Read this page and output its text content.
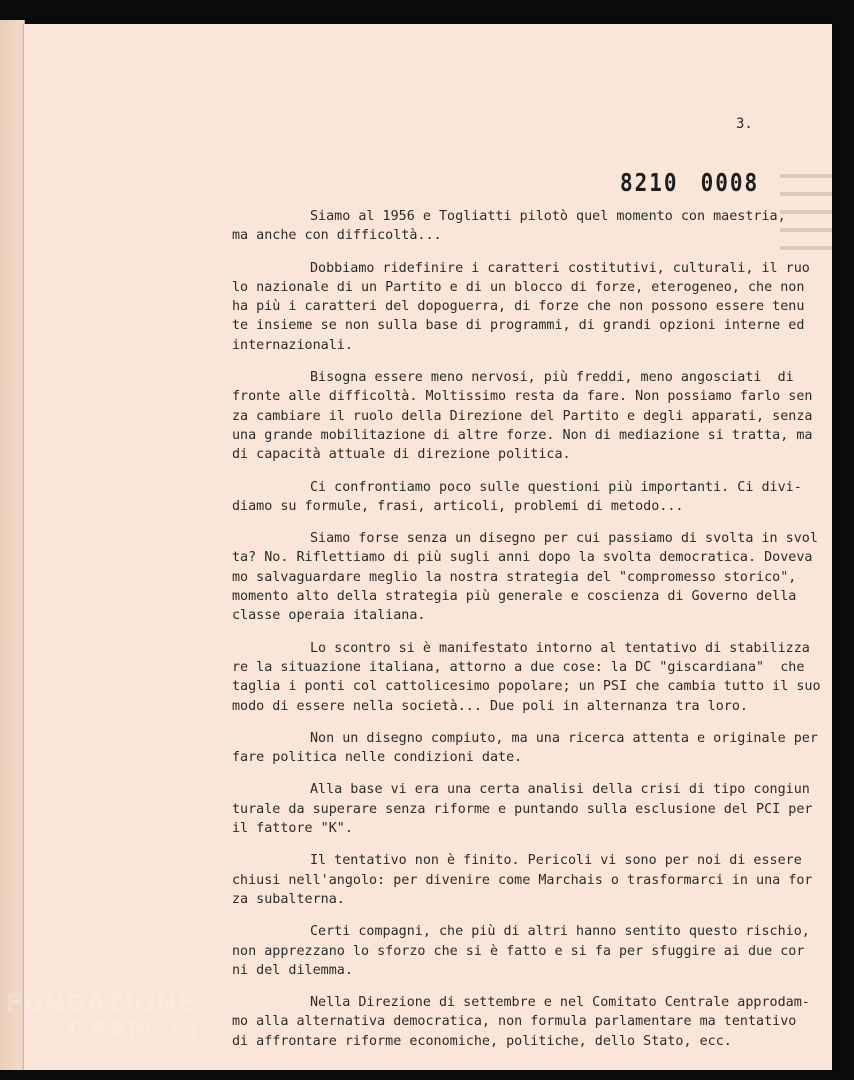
3.
8210 0008
Siamo al 1956 e Togliatti pilotò quel momento con maestria,
ma anche con difficoltà...
Dobbiamo ridefinire i caratteri costitutivi, culturali, il ruo
lo nazionale di un Partito e di un blocco di forze, eterogeneo, che non
ha più i caratteri del dopoguerra, di forze che non possono essere tenu
te insieme se non sulla base di programmi, di grandi opzioni interne ed
internazionali.
Bisogna essere meno nervosi, più freddi, meno angosciati  di
fronte alle difficoltà. Moltissimo resta da fare. Non possiamo farlo sen
za cambiare il ruolo della Direzione del Partito e degli apparati, senza
una grande mobilitazione di altre forze. Non di mediazione si tratta, ma
di capacità attuale di direzione politica.
Ci confrontiamo poco sulle questioni più importanti. Ci divi-
diamo su formule, frasi, articoli, problemi di metodo...
Siamo forse senza un disegno per cui passiamo di svolta in svol
ta? No. Riflettiamo di più sugli anni dopo la svolta democratica. Doveva
mo salvaguardare meglio la nostra strategia del "compromesso storico",
momento alto della strategia più generale e coscienza di Governo della
classe operaia italiana.
Lo scontro si è manifestato intorno al tentativo di stabilizza
re la situazione italiana, attorno a due cose: la DC "giscardiana"  che
taglia i ponti col cattolicesimo popolare; un PSI che cambia tutto il suo
modo di essere nella società... Due poli in alternanza tra loro.
Non un disegno compiuto, ma una ricerca attenta e originale per
fare politica nelle condizioni date.
Alla base vi era una certa analisi della crisi di tipo congiun
turale da superare senza riforme e puntando sulla esclusione del PCI per
il fattore "K".
Il tentativo non è finito. Pericoli vi sono per noi di essere
chiusi nell'angolo: per divenire come Marchais o trasformarci in una for
za subalterna.
Certi compagni, che più di altri hanno sentito questo rischio,
non apprezzano lo sforzo che si è fatto e si fa per sfuggire ai due cor
ni del dilemma.
Nella Direzione di settembre e nel Comitato Centrale approdam-
mo alla alternativa democratica, non formula parlamentare ma tentativo
di affrontare riforme economiche, politiche, dello Stato, ecc.
FONDAZIONE
GRAMSCI
